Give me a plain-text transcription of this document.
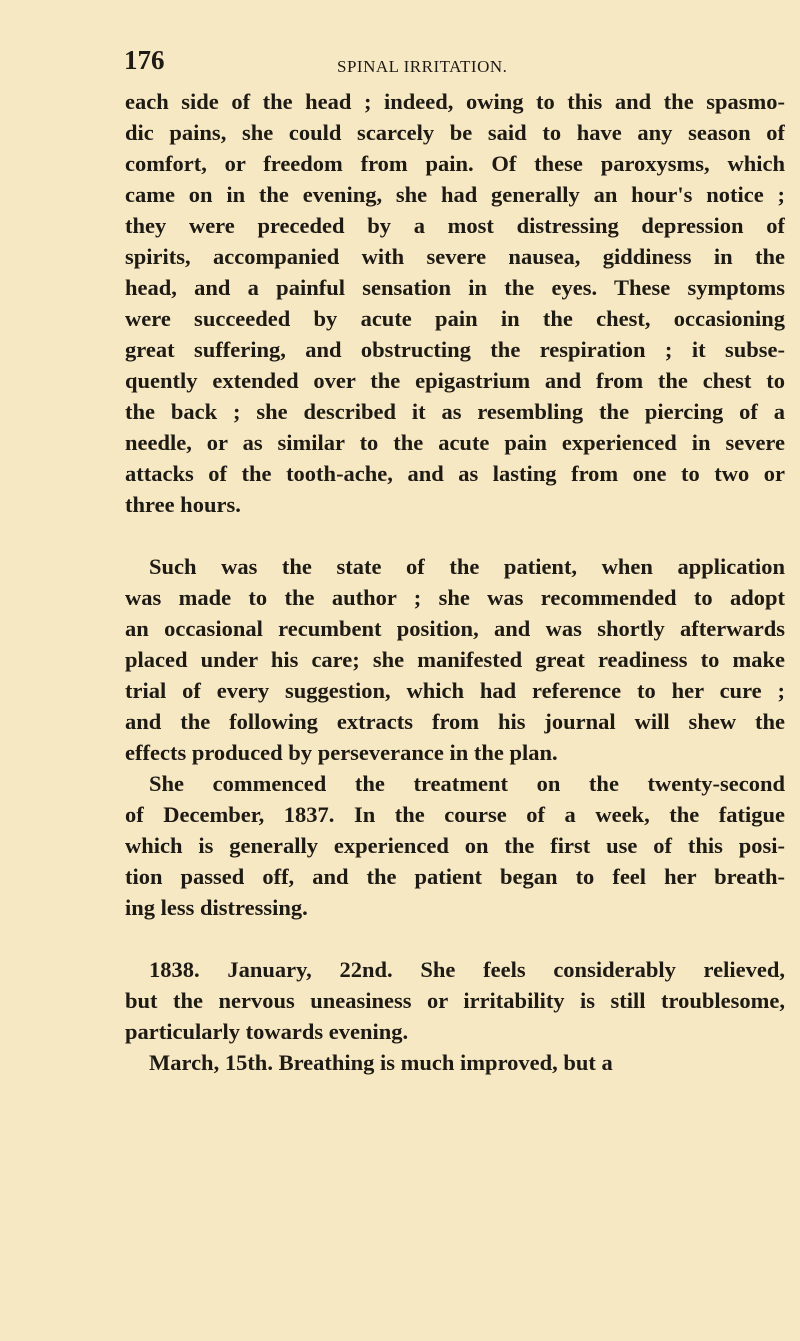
176	SPINAL IRRITATION.
each side of the head ; indeed, owing to this and the spasmo-
dic pains, she could scarcely be said to have any season of
comfort, or freedom from pain. Of these paroxysms, which
came on in the evening, she had generally an hour's notice ;
they were preceded by a most distressing depression of
spirits, accompanied with severe nausea, giddiness in the
head, and a painful sensation in the eyes. These symptoms
were succeeded by acute pain in the chest, occasioning
great suffering, and obstructing the respiration ; it subse-
quently extended over the epigastrium and from the chest to
the back ; she described it as resembling the piercing of a
needle, or as similar to the acute pain experienced in severe
attacks of the tooth-ache, and as lasting from one to two or
three hours.
Such was the state of the patient, when application
was made to the author ; she was recommended to adopt
an occasional recumbent position, and was shortly afterwards
placed under his care; she manifested great readiness to make
trial of every suggestion, which had reference to her cure ;
and the following extracts from his journal will shew the
effects produced by perseverance in the plan.
She commenced the treatment on the twenty-second
of December, 1837. In the course of a week, the fatigue
which is generally experienced on the first use of this posi-
tion passed off, and the patient began to feel her breath-
ing less distressing.
1838. January, 22nd. She feels considerably relieved,
but the nervous uneasiness or irritability is still troublesome,
particularly towards evening.
March, 15th. Breathing is much improved, but a
